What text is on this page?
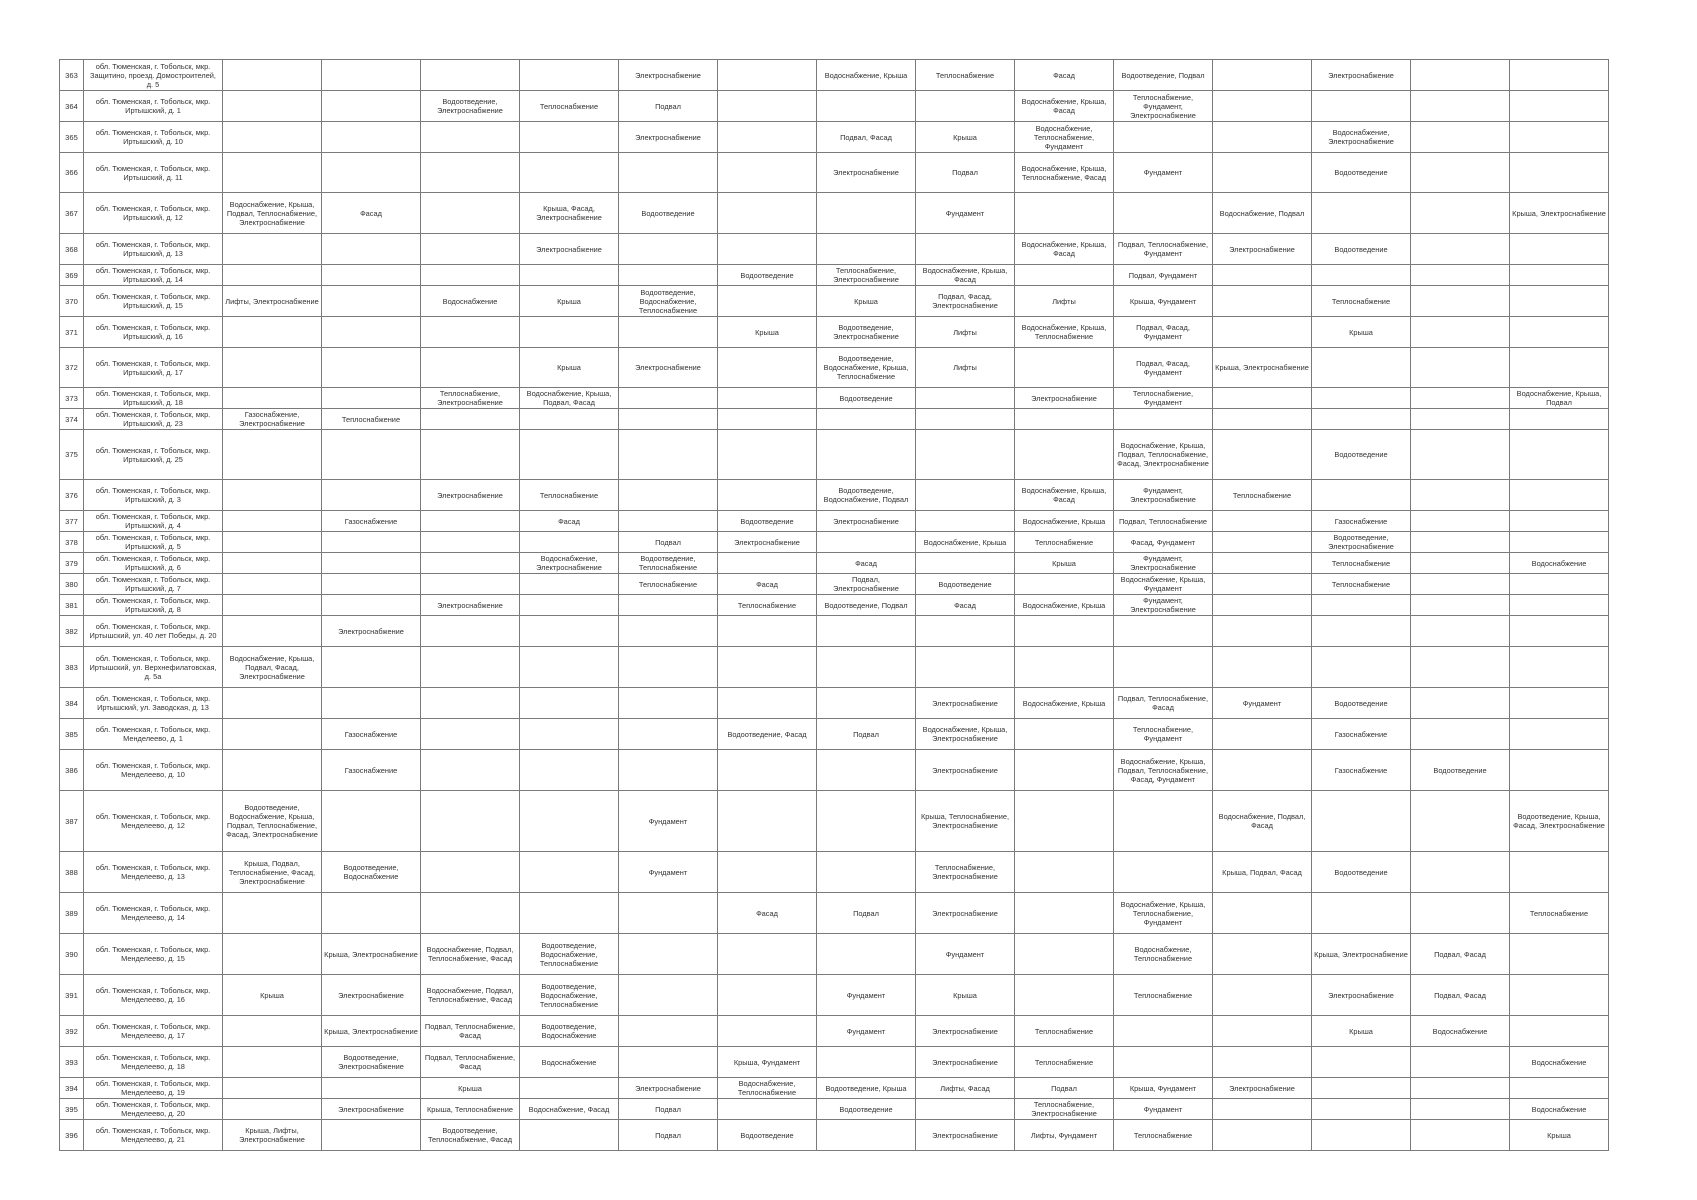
363	обл. Тюменская, г. Тобольск, мкр. Защитино, проезд. Домостроителей, д. 5					Электроснабжение		Водоснабжение, Крыша	Теплоснабжение	Фасад	Водоотведение, Подвал		Электроснабжение		
364	обл. Тюменская, г. Тобольск, мкр. Иртышский, д. 1			Водоотведение, Электроснабжение	Теплоснабжение	Подвал				Водоснабжение, Крыша, Фасад	Теплоснабжение, Фундамент, Электроснабжение				
365	обл. Тюменская, г. Тобольск, мкр. Иртышский, д. 10					Электроснабжение		Подвал, Фасад	Крыша	Водоснабжение, Теплоснабжение, Фундамент			Водоснабжение, Электроснабжение		
366	обл. Тюменская, г. Тобольск, мкр. Иртышский, д. 11							Электроснабжение	Подвал	Водоснабжение, Крыша, Теплоснабжение, Фасад	Фундамент		Водоотведение		
367	обл. Тюменская, г. Тобольск, мкр. Иртышский, д. 12	Водоснабжение, Крыша, Подвал, Теплоснабжение, Электроснабжение	Фасад		Крыша, Фасад, Электроснабжение	Водоотведение			Фундамент			Водоснабжение, Подвал			Крыша, Электроснабжение
368	обл. Тюменская, г. Тобольск, мкр. Иртышский, д. 13				Электроснабжение					Водоснабжение, Крыша, Фасад	Подвал, Теплоснабжение, Фундамент	Электроснабжение	Водоотведение		
369	обл. Тюменская, г. Тобольск, мкр. Иртышский, д. 14						Водоотведение	Теплоснабжение, Электроснабжение	Водоснабжение, Крыша, Фасад		Подвал, Фундамент				
370	обл. Тюменская, г. Тобольск, мкр. Иртышский, д. 15	Лифты, Электроснабжение		Водоснабжение	Крыша	Водоотведение, Водоснабжение, Теплоснабжение		Крыша	Подвал, Фасад, Электроснабжение	Лифты	Крыша, Фундамент		Теплоснабжение		
371	обл. Тюменская, г. Тобольск, мкр. Иртышский, д. 16						Крыша	Водоотведение, Электроснабжение	Лифты	Водоснабжение, Крыша, Теплоснабжение	Подвал, Фасад, Фундамент		Крыша		
372	обл. Тюменская, г. Тобольск, мкр. Иртышский, д. 17				Крыша	Электроснабжение		Водоотведение, Водоснабжение, Крыша, Теплоснабжение	Лифты		Подвал, Фасад, Фундамент	Крыша, Электроснабжение			
373	обл. Тюменская, г. Тобольск, мкр. Иртышский, д. 18			Теплоснабжение, Электроснабжение	Водоснабжение, Крыша, Подвал, Фасад			Водоотведение		Электроснабжение	Теплоснабжение, Фундамент				Водоснабжение, Крыша, Подвал
374	обл. Тюменская, г. Тобольск, мкр. Иртышский, д. 23	Газоснабжение, Электроснабжение	Теплоснабжение												
375	обл. Тюменская, г. Тобольск, мкр. Иртышский, д. 25										Водоснабжение, Крыша, Подвал, Теплоснабжение, Фасад, Электроснабжение		Водоотведение		
376	обл. Тюменская, г. Тобольск, мкр. Иртышский, д. 3			Электроснабжение	Теплоснабжение			Водоотведение, Водоснабжение, Подвал		Водоснабжение, Крыша, Фасад	Фундамент, Электроснабжение	Теплоснабжение			
377	обл. Тюменская, г. Тобольск, мкр. Иртышский, д. 4		Газоснабжение		Фасад		Водоотведение	Электроснабжение		Водоснабжение, Крыша	Подвал, Теплоснабжение		Газоснабжение		
378	обл. Тюменская, г. Тобольск, мкр. Иртышский, д. 5					Подвал	Электроснабжение		Водоснабжение, Крыша	Теплоснабжение	Фасад, Фундамент		Водоотведение, Электроснабжение		
379	обл. Тюменская, г. Тобольск, мкр. Иртышский, д. 6				Водоснабжение, Электроснабжение	Водоотведение, Теплоснабжение		Фасад		Крыша	Фундамент, Электроснабжение		Теплоснабжение		Водоснабжение
380	обл. Тюменская, г. Тобольск, мкр. Иртышский, д. 7					Теплоснабжение	Фасад	Подвал, Электроснабжение	Водоотведение		Водоснабжение, Крыша, Фундамент		Теплоснабжение		
381	обл. Тюменская, г. Тобольск, мкр. Иртышский, д. 8			Электроснабжение			Теплоснабжение	Водоотведение, Подвал	Фасад	Водоснабжение, Крыша	Фундамент, Электроснабжение				
382	обл. Тюменская, г. Тобольск, мкр. Иртышский, ул. 40 лет Победы, д. 20		Электроснабжение												
383	обл. Тюменская, г. Тобольск, мкр. Иртышский, ул. Верхнефилатовская, д. 5а	Водоснабжение, Крыша, Подвал, Фасад, Электроснабжение													
384	обл. Тюменская, г. Тобольск, мкр. Иртышский, ул. Заводская, д. 13								Электроснабжение	Водоснабжение, Крыша	Подвал, Теплоснабжение, Фасад	Фундамент	Водоотведение		
385	обл. Тюменская, г. Тобольск, мкр. Менделеево, д. 1		Газоснабжение				Водоотведение, Фасад	Подвал	Водоснабжение, Крыша, Электроснабжение		Теплоснабжение, Фундамент		Газоснабжение		
386	обл. Тюменская, г. Тобольск, мкр. Менделеево, д. 10		Газоснабжение						Электроснабжение		Водоснабжение, Крыша, Подвал, Теплоснабжение, Фасад, Фундамент		Газоснабжение	Водоотведение	
387	обл. Тюменская, г. Тобольск, мкр. Менделеево, д. 12	Водоотведение, Водоснабжение, Крыша, Подвал, Теплоснабжение, Фасад, Электроснабжение				Фундамент			Крыша, Теплоснабжение, Электроснабжение			Водоснабжение, Подвал, Фасад			Водоотведение, Крыша, Фасад, Электроснабжение
388	обл. Тюменская, г. Тобольск, мкр. Менделеево, д. 13	Крыша, Подвал, Теплоснабжение, Фасад, Электроснабжение	Водоотведение, Водоснабжение			Фундамент			Теплоснабжение, Электроснабжение			Крыша, Подвал, Фасад	Водоотведение		
389	обл. Тюменская, г. Тобольск, мкр. Менделеево, д. 14						Фасад	Подвал	Электроснабжение		Водоснабжение, Крыша, Теплоснабжение, Фундамент				Теплоснабжение
390	обл. Тюменская, г. Тобольск, мкр. Менделеево, д. 15		Крыша, Электроснабжение	Водоснабжение, Подвал, Теплоснабжение, Фасад	Водоотведение, Водоснабжение, Теплоснабжение				Фундамент		Водоснабжение, Теплоснабжение		Крыша, Электроснабжение	Подвал, Фасад	
391	обл. Тюменская, г. Тобольск, мкр. Менделеево, д. 16	Крыша	Электроснабжение	Водоснабжение, Подвал, Теплоснабжение, Фасад	Водоотведение, Водоснабжение, Теплоснабжение			Фундамент	Крыша		Теплоснабжение		Электроснабжение	Подвал, Фасад	
392	обл. Тюменская, г. Тобольск, мкр. Менделеево, д. 17		Крыша, Электроснабжение	Подвал, Теплоснабжение, Фасад	Водоотведение, Водоснабжение			Фундамент	Электроснабжение	Теплоснабжение			Крыша	Водоснабжение	
393	обл. Тюменская, г. Тобольск, мкр. Менделеево, д. 18		Водоотведение, Электроснабжение	Подвал, Теплоснабжение, Фасад	Водоснабжение		Крыша, Фундамент		Электроснабжение	Теплоснабжение					Водоснабжение
394	обл. Тюменская, г. Тобольск, мкр. Менделеево, д. 19			Крыша		Электроснабжение	Водоснабжение, Теплоснабжение	Водоотведение, Крыша	Лифты, Фасад	Подвал	Крыша, Фундамент	Электроснабжение			
395	обл. Тюменская, г. Тобольск, мкр. Менделеево, д. 20		Электроснабжение	Крыша, Теплоснабжение	Водоснабжение, Фасад	Подвал		Водоотведение		Теплоснабжение, Электроснабжение	Фундамент				Водоснабжение
396	обл. Тюменская, г. Тобольск, мкр. Менделеево, д. 21	Крыша, Лифты, Электроснабжение		Водоотведение, Теплоснабжение, Фасад		Подвал	Водоотведение		Электроснабжение	Лифты, Фундамент	Теплоснабжение				Крыша
